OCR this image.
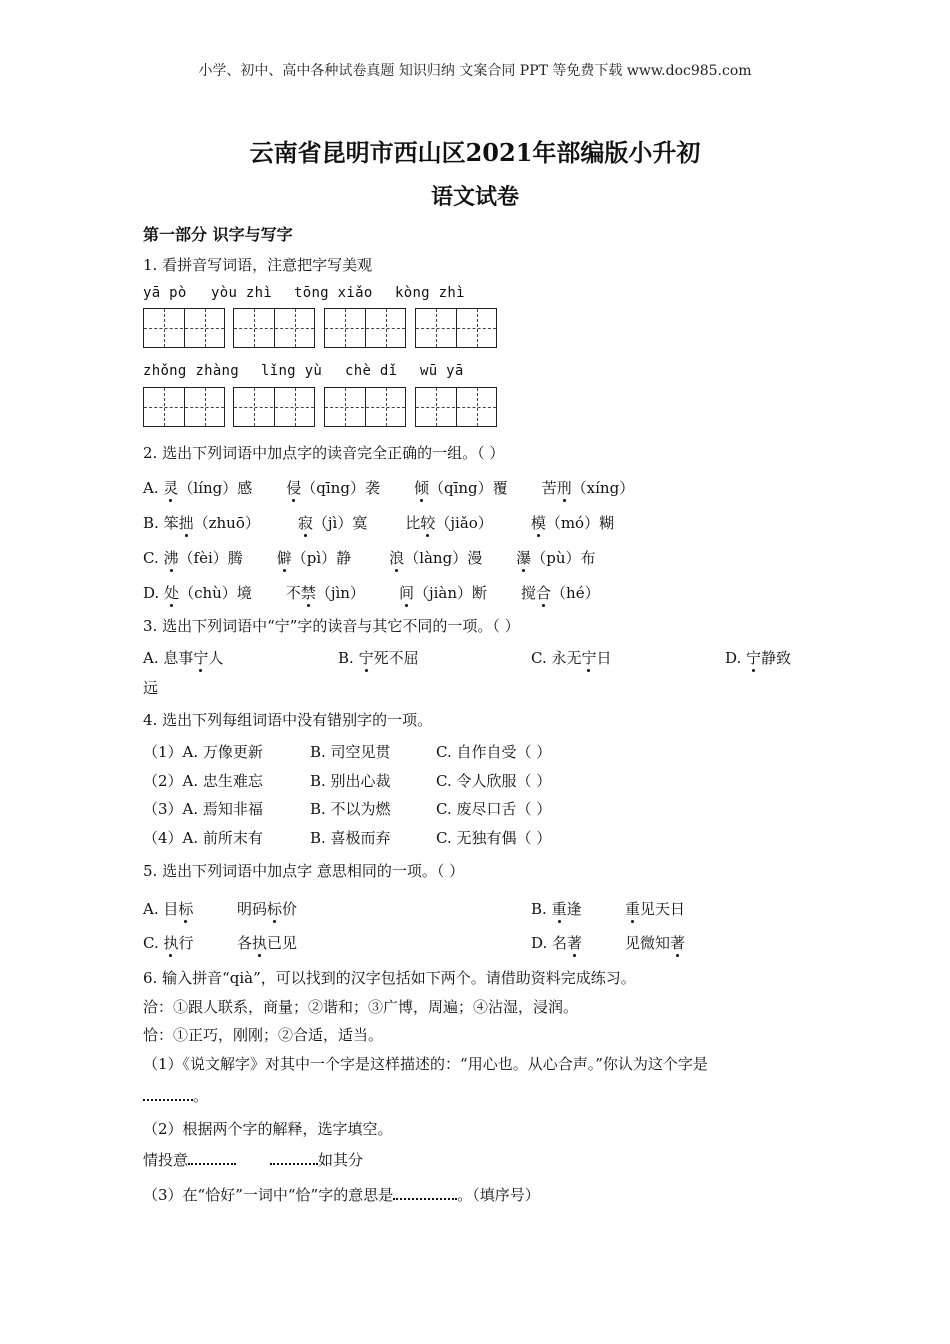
小学、初中、高中各种试卷真题 知识归纳 文案合同 PPT 等免费下载 www.doc985.com
云南省昆明市西山区2021年部编版小升初
语文试卷
第一部分 识字与写字
1. 看拼音写词语，注意把字写美观
yā pò yòu zhì tōng xiǎo kòng zhì
zhǒng zhàng lǐng yù chè dǐ wū yā
2. 选出下列词语中加点字的读音完全正确的一组。（ ）
A. 灵（líng）感 侵（qīng）袭 倾（qīng）覆 苦刑（xíng）
B. 笨拙（zhuō）	寂（jì）寞	比较（jiǎo）	模（mó）糊
C. 沸（fèi）腾 僻（pì）静	浪（làng）漫 瀑（pù）布
D. 处（chù）境 不禁（jìn） 间（jiàn）断 搅合（hé）
3. 选出下列词语中“宁”字的读音与其它不同的一项。（ ）
A. 息事宁人	B. 宁死不屈	C. 永无宁日	D. 宁静致
远
4. 选出下列每组词语中没有错别字的一项。
（1）A. 万像更新	B. 司空见贯	C. 自作自受（ ）
（2）A. 忠生难忘	B. 别出心裁	C. 令人欣服（ ）
（3）A. 焉知非福	B. 不以为燃	C. 废尽口舌（ ）
（4）A. 前所末有	B. 喜极而弃	C. 无独有偶（ ）
5. 选出下列词语中加点字 意思相同的一项。（ ）
A. 目标	明码标价	B. 重逢	重见天日
C. 执行	各执已见	D. 名著	见微知著
6. 输入拼音“qià”，可以找到的汉字包括如下两个。请借助资料完成练习。
洽：①跟人联系，商量；②谐和；③广博，周遍；④沾湿，浸润。
恰：①正巧，刚刚；②合适，适当。
（1）《说文解字》对其中一个字是这样描述的：“用心也。从心合声。”你认为这个字是
。
（2）根据两个字的解释，选字填空。
情投意	如其分
（3）在“恰好”一词中“恰”字的意思是	。（填序号）
